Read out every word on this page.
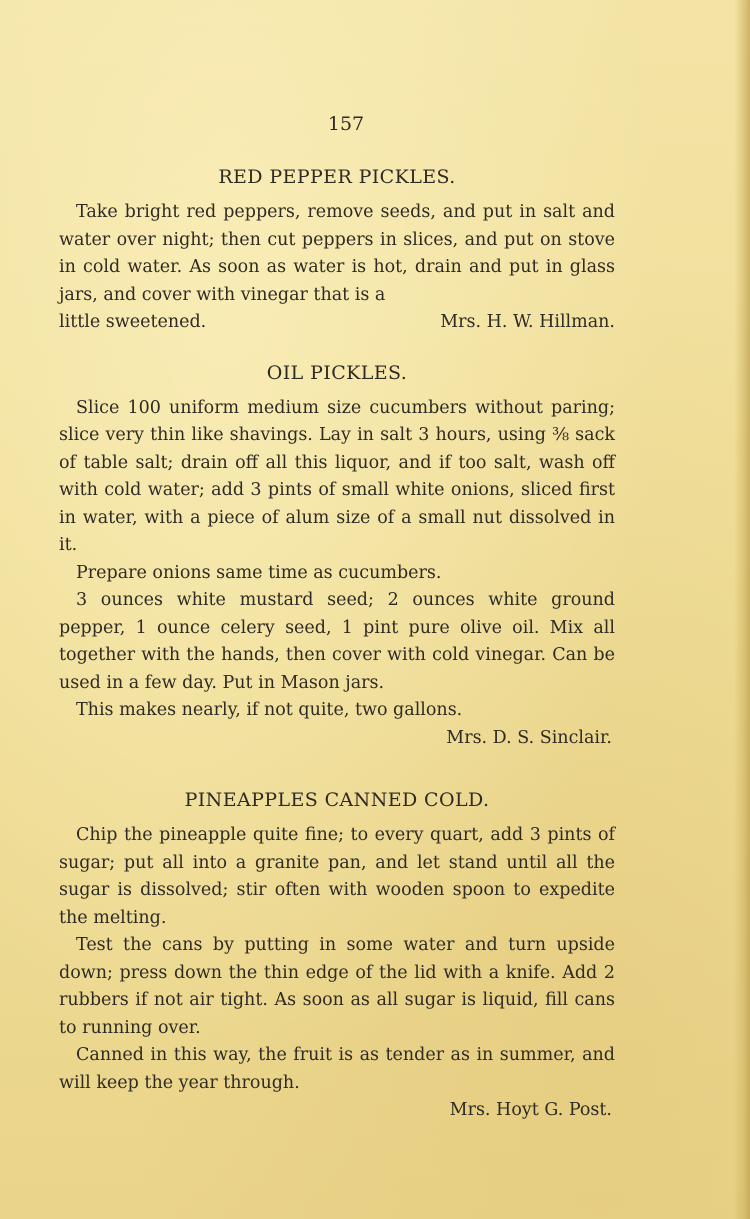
157
RED PEPPER PICKLES.

Take bright red peppers, remove seeds, and put in salt and water over night; then cut peppers in slices, and put on stove in cold water. As soon as water is hot, drain and put in glass jars, and cover with vinegar that is a

little sweetened.	Mrs. H. W. Hillman.
OIL PICKLES.

Slice 100 uniform medium size cucumbers without paring; slice very thin like shavings. Lay in salt 3 hours, using ⅜ sack of table salt; drain off all this liquor, and if too salt, wash off with cold water; add 3 pints of small white onions, sliced first in water, with a piece of alum size of a small nut dissolved in it.

Prepare onions same time as cucumbers.

3 ounces white mustard seed; 2 ounces white ground pepper, 1 ounce celery seed, 1 pint pure olive oil. Mix all together with the hands, then cover with cold vinegar. Can be used in a few day. Put in Mason jars.

This makes nearly, if not quite, two gallons.

Mrs. D. S. Sinclair.

PINEAPPLES CANNED COLD.

Chip the pineapple quite fine; to every quart, add 3 pints of sugar; put all into a granite pan, and let stand until all the sugar is dissolved; stir often with wooden spoon to expedite the melting.

Test the cans by putting in some water and turn upside down; press down the thin edge of the lid with a knife. Add 2 rubbers if not air tight. As soon as all sugar is liquid, fill cans to running over.

Canned in this way, the fruit is as tender as in summer, and will keep the year through.

Mrs. Hoyt G. Post.
